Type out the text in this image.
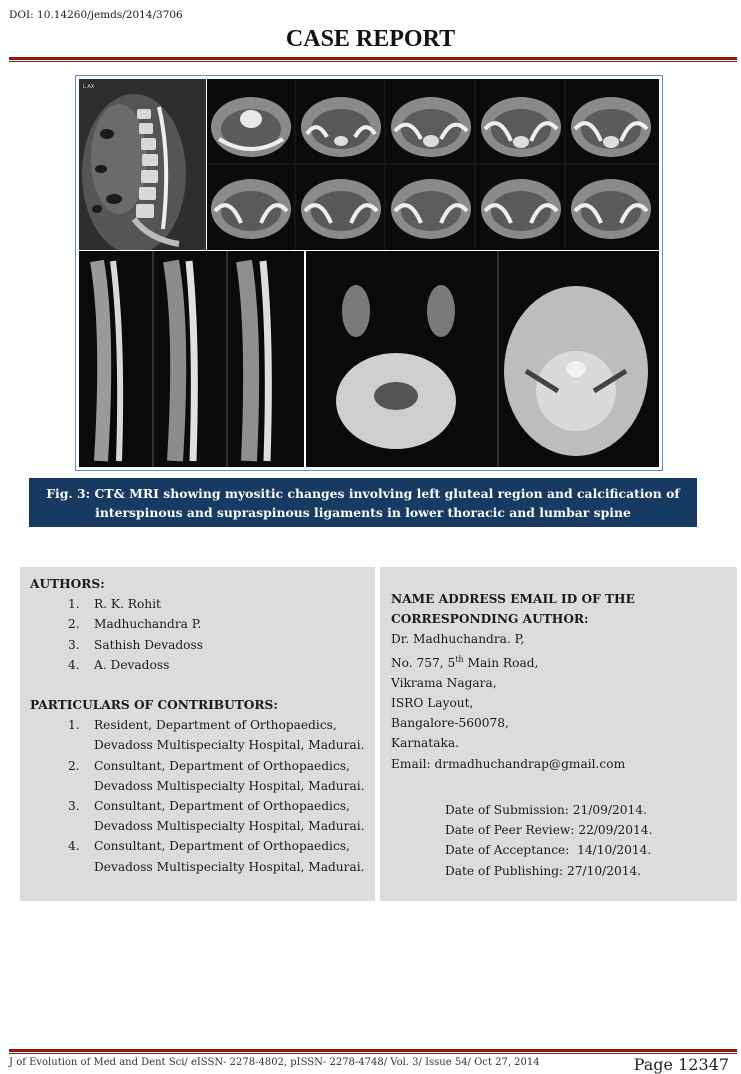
DOI: 10.14260/jemds/2014/3706
CASE REPORT
L AX
Fig. 3: CT& MRI showing myositic changes involving left gluteal region and calcification of
interspinous and supraspinous ligaments in lower thoracic and lumbar spine
AUTHORS:
1. R. K. Rohit
2. Madhuchandra P.
3. Sathish Devadoss
4. A. Devadoss
PARTICULARS OF CONTRIBUTORS:
1. Resident, Department of Orthopaedics,
Devadoss Multispecialty Hospital, Madurai.
2. Consultant, Department of Orthopaedics,
Devadoss Multispecialty Hospital, Madurai.
3. Consultant, Department of Orthopaedics,
Devadoss Multispecialty Hospital, Madurai.
4. Consultant, Department of Orthopaedics,
Devadoss Multispecialty Hospital, Madurai.
NAME ADDRESS EMAIL ID OF THE
CORRESPONDING AUTHOR:
Dr. Madhuchandra. P,
No. 757, 5th Main Road,
Vikrama Nagara,
ISRO Layout,
Bangalore-560078,
Karnataka.
Email: drmadhuchandrap@gmail.com
Date of Submission: 21/09/2014.
Date of Peer Review: 22/09/2014.
Date of Acceptance:  14/10/2014.
Date of Publishing: 27/10/2014.
J of Evolution of Med and Dent Sci/ eISSN- 2278-4802, pISSN- 2278-4748/ Vol. 3/ Issue 54/ Oct 27, 2014	Page 12347
